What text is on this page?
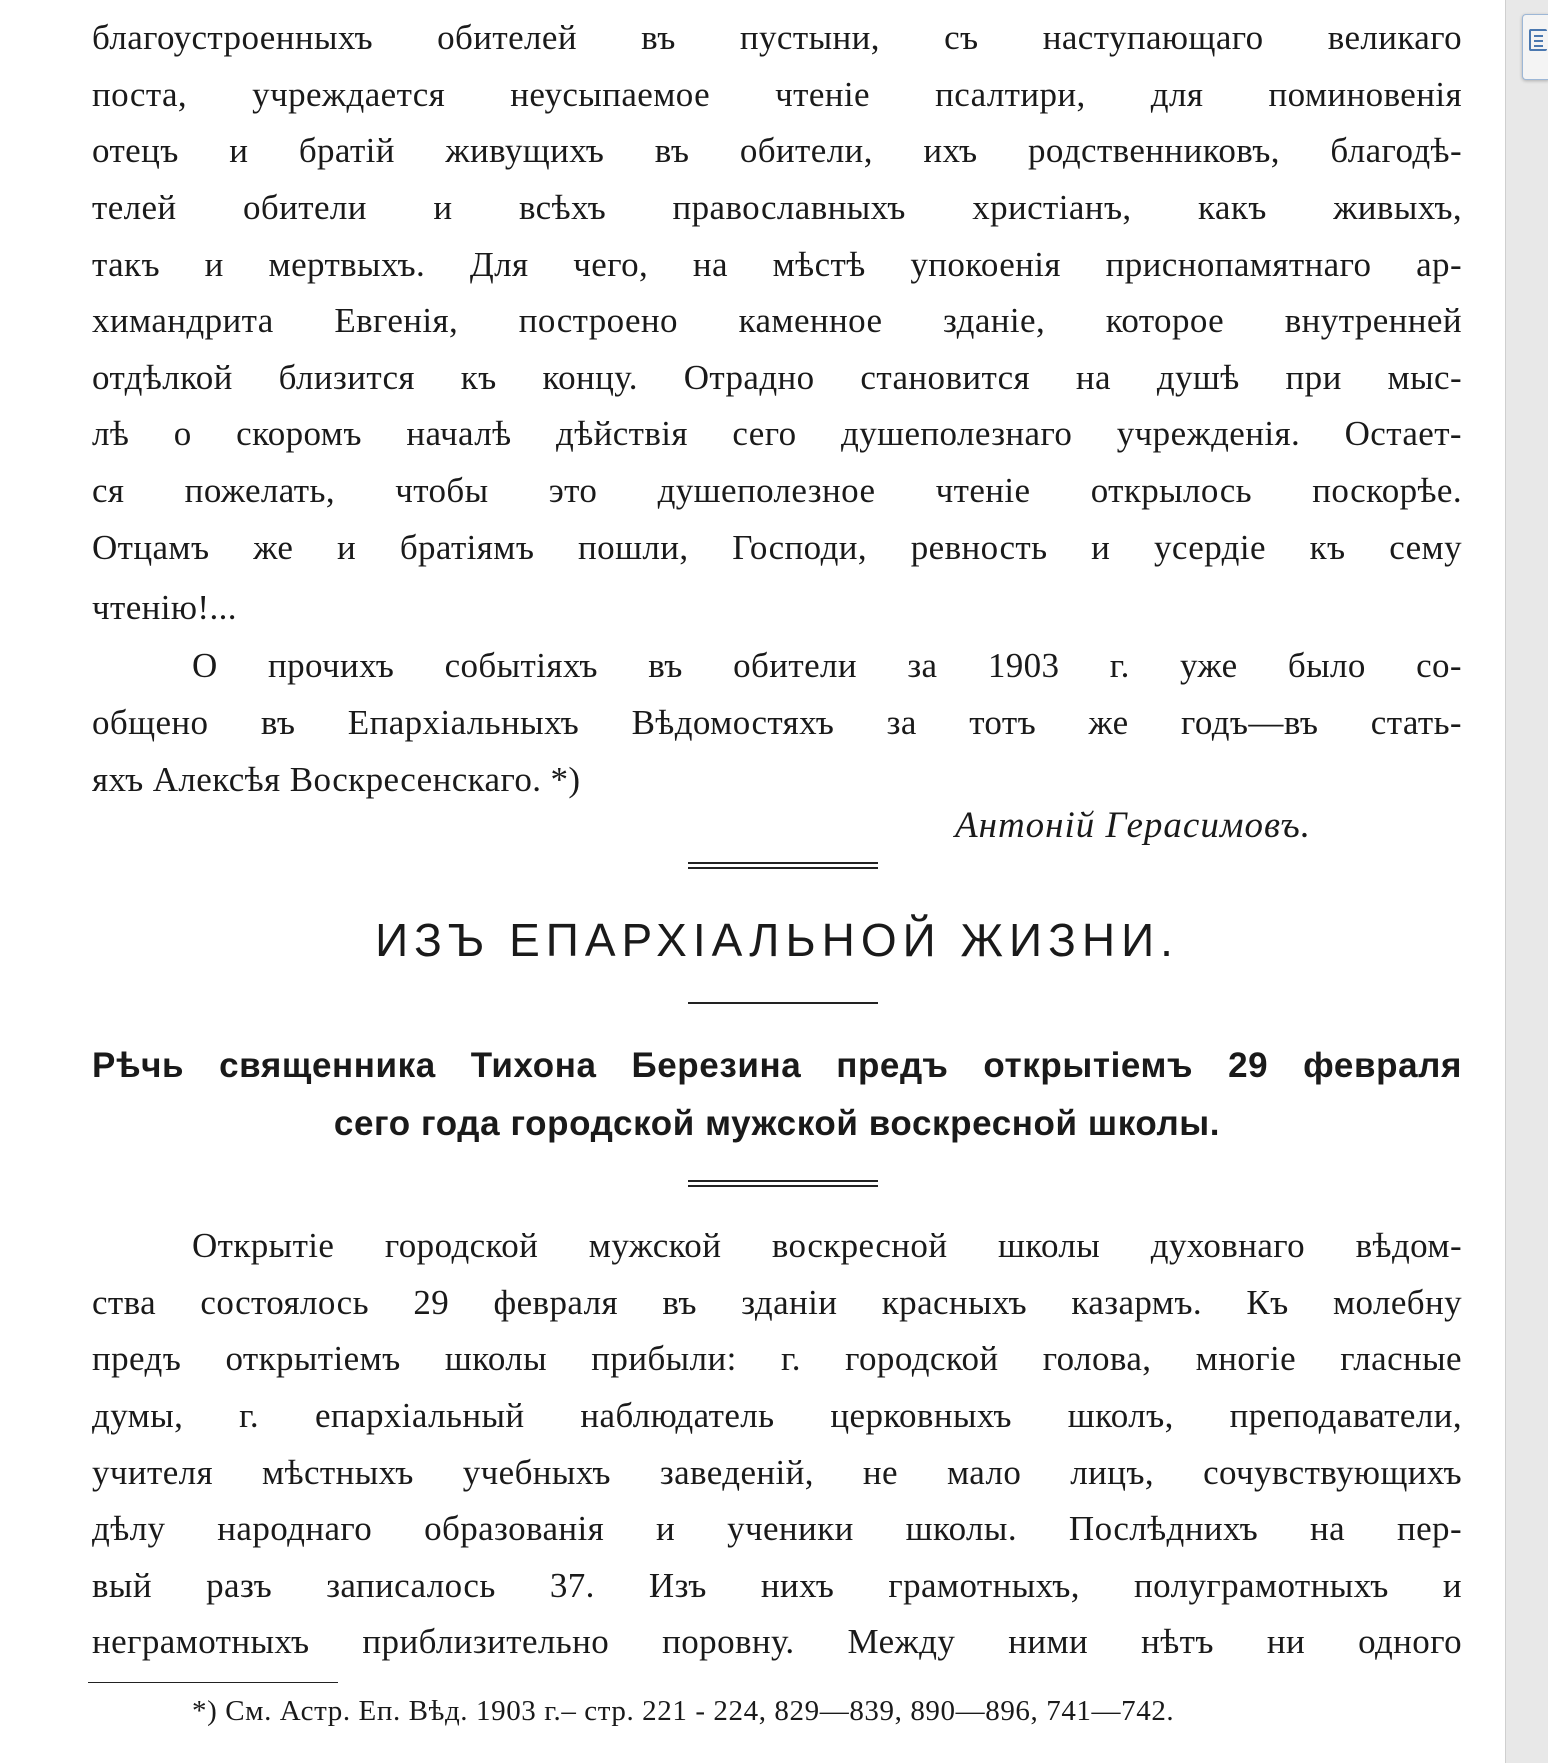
благоустроенныхъ обителей въ пустыни, съ наступающаго великаго
поста, учреждается неусыпаемое чтеніе псалтири, для поминовенія
отецъ и братій живущихъ въ обители, ихъ родственниковъ, благодѣ-
телей обители и всѣхъ православныхъ христіанъ, какъ живыхъ,
такъ и мертвыхъ. Для чего, на мѣстѣ упокоенія приснопамятнаго ар-
химандрита Евгенія, построено каменное зданіе, которое внутренней
отдѣлкой близится къ концу. Отрадно становится на душѣ при мыс-
лѣ о скоромъ началѣ дѣйствія сего душеполезнаго учрежденія. Остает-
ся пожелать, чтобы это душеполезное чтеніе открылось поскорѣе.
Отцамъ же и братіямъ пошли, Господи, ревность и усердіе къ сему
чтенію!...
О прочихъ событіяхъ въ обители за 1903 г. уже было со-
общено въ Епархіальныхъ Вѣдомостяхъ за тотъ же годъ—въ стать-
яхъ Алексѣя Воскресенскаго. *)
Антоній Герасимовъ.
ИЗЪ ЕПАРХІАЛЬНОЙ ЖИЗНИ.
Рѣчь священника Тихона Березина предъ открытіемъ 29 февраля
сего года городской мужской воскресной школы.
Открытіе городской мужской воскресной школы духовнаго вѣдом-
ства состоялось 29 февраля въ зданіи красныхъ казармъ. Къ молебну
предъ открытіемъ школы прибыли: г. городской голова, многіе гласные
думы, г. епархіальный наблюдатель церковныхъ школъ, преподаватели,
учителя мѣстныхъ учебныхъ заведеній, не мало лицъ, сочувствующихъ
дѣлу народнаго образованія и ученики школы. Послѣднихъ на пер-
вый разъ записалось 37. Изъ нихъ грамотныхъ, полуграмотныхъ и
неграмотныхъ приблизительно поровну. Между ними нѣтъ ни одного
*) См. Астр. Еп. Вѣд. 1903 г.– стр. 221 - 224, 829—839, 890—896, 741—742.
